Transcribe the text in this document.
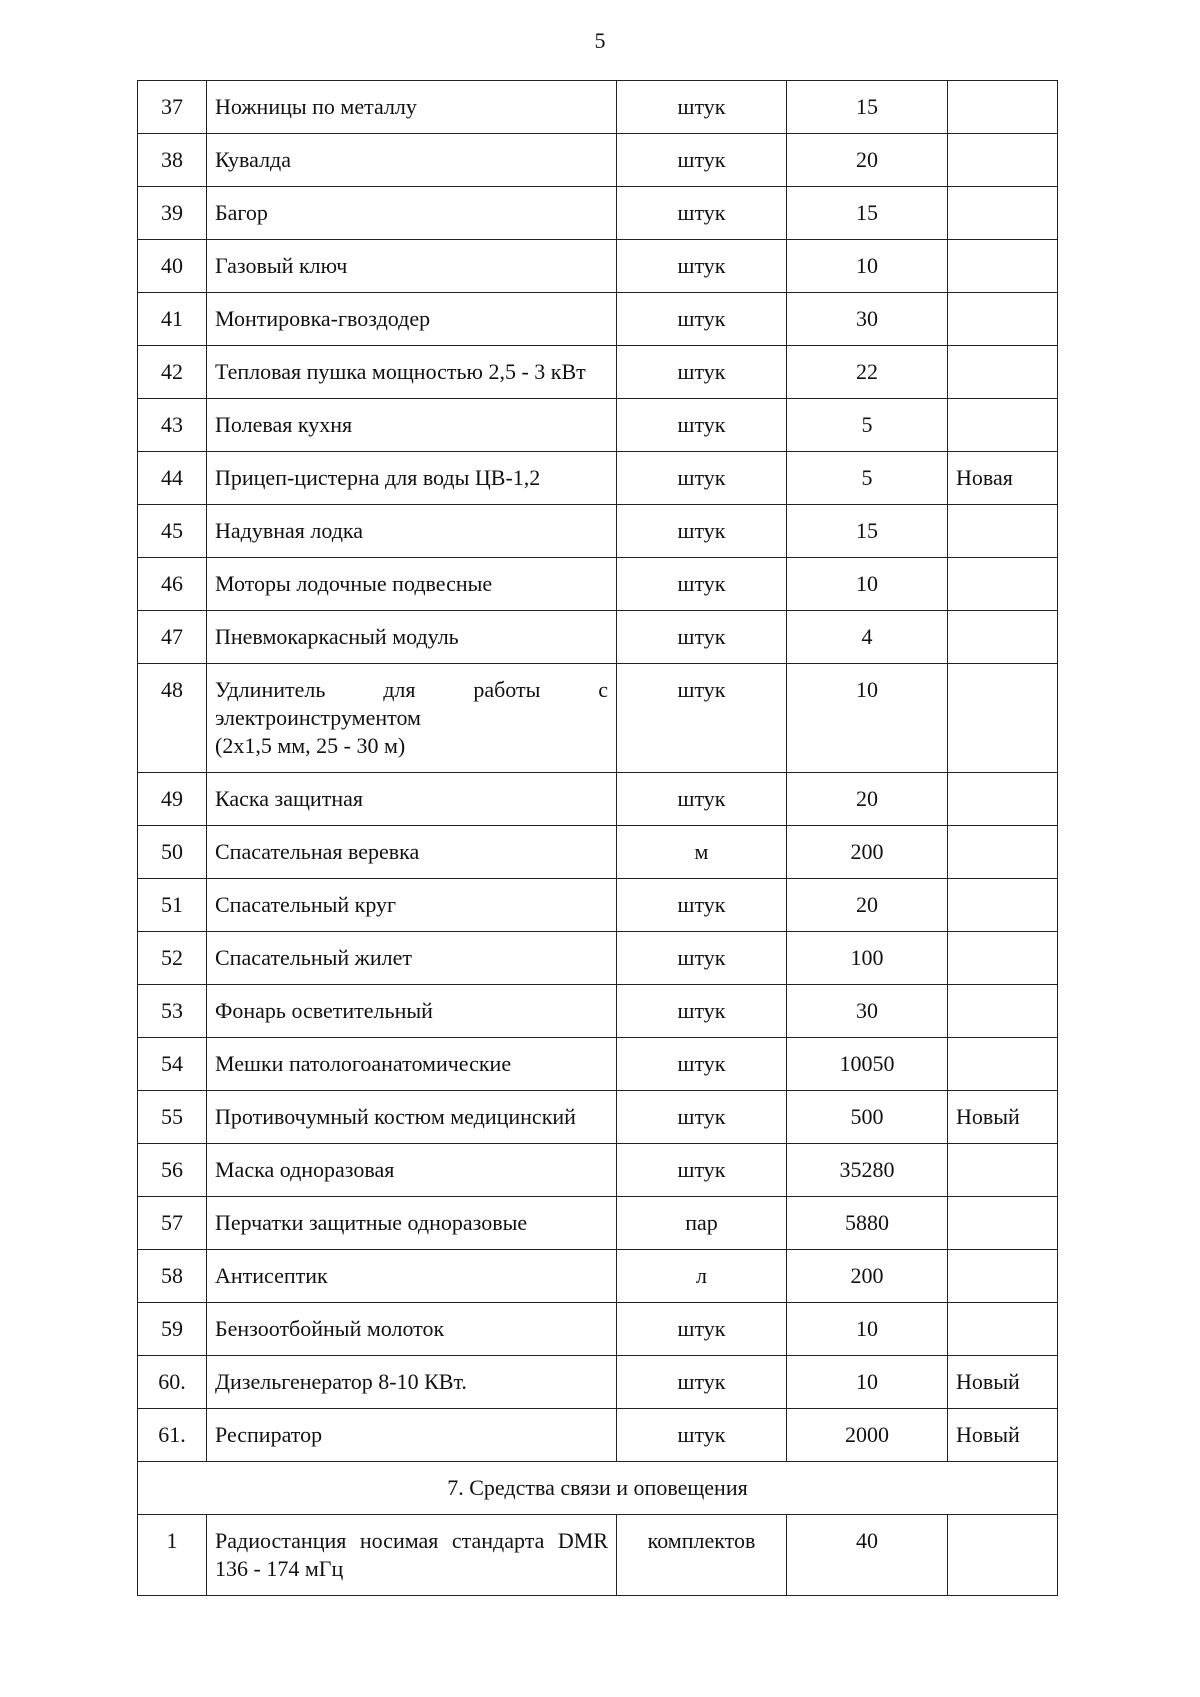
5
37	Ножницы по металлу	штук	15	
38	Кувалда	штук	20	
39	Багор	штук	15	
40	Газовый ключ	штук	10	
41	Монтировка-гвоздодер	штук	30	
42	Тепловая пушка мощностью 2,5 - 3 кВт	штук	22	
43	Полевая кухня	штук	5	
44	Прицеп-цистерна для воды ЦВ-1,2	штук	5	Новая
45	Надувная лодка	штук	15	
46	Моторы лодочные подвесные	штук	10	
47	Пневмокаркасный модуль	штук	4	
48	Удлинитель для работы с электроинструментом
(2х1,5 мм, 25 - 30 м)	штук	10	
49	Каска защитная	штук	20	
50	Спасательная веревка	м	200	
51	Спасательный круг	штук	20	
52	Спасательный жилет	штук	100	
53	Фонарь осветительный	штук	30	
54	Мешки патологоанатомические	штук	10050	
55	Противочумный костюм медицинский	штук	500	Новый
56	Маска одноразовая	штук	35280	
57	Перчатки защитные одноразовые	пар	5880	
58	Антисептик	л	200	
59	Бензоотбойный молоток	штук	10	
60.	Дизельгенератор 8-10 КВт.	штук	10	Новый
61.	Респиратор	штук	2000	Новый
7. Средства связи и оповещения				
1	Радиостанция носимая стандарта DMR 136 - 174 мГц	комплектов	40	
